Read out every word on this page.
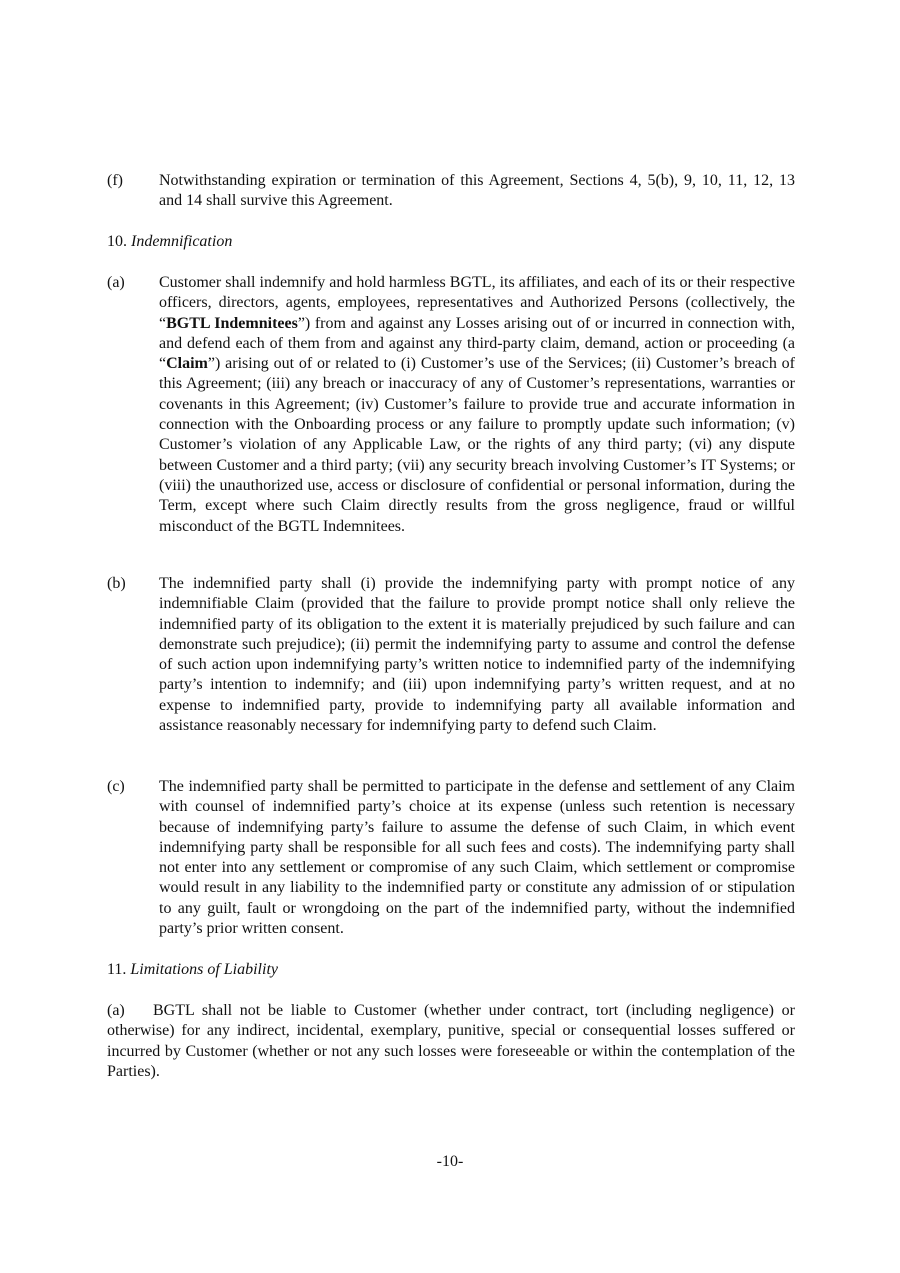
(f)	Notwithstanding expiration or termination of this Agreement, Sections 4, 5(b), 9, 10, 11, 12, 13 and 14 shall survive this Agreement.

10. Indemnification

(a)	Customer shall indemnify and hold harmless BGTL, its affiliates, and each of its or their respective officers, directors, agents, employees, representatives and Authorized Persons (collectively, the “BGTL Indemnitees”) from and against any Losses arising out of or incurred in connection with, and defend each of them from and against any third-party claim, demand, action or proceeding (a “Claim”) arising out of or related to (i) Customer’s use of the Services; (ii) Customer’s breach of this Agreement; (iii) any breach or inaccuracy of any of Customer’s representations, warranties or covenants in this Agreement; (iv) Customer’s failure to provide true and accurate information in connection with the Onboarding process or any failure to promptly update such information; (v) Customer’s violation of any Applicable Law, or the rights of any third party; (vi) any dispute between Customer and a third party; (vii) any security breach involving Customer’s IT Systems; or (viii) the unauthorized use, access or disclosure of confidential or personal information, during the Term, except where such Claim directly results from the gross negligence, fraud or willful misconduct of the BGTL Indemnitees.

(b)	The indemnified party shall (i) provide the indemnifying party with prompt notice of any indemnifiable Claim (provided that the failure to provide prompt notice shall only relieve the indemnified party of its obligation to the extent it is materially prejudiced by such failure and can demonstrate such prejudice); (ii) permit the indemnifying party to assume and control the defense of such action upon indemnifying party’s written notice to indemnified party of the indemnifying party’s intention to indemnify; and (iii) upon indemnifying party’s written request, and at no expense to indemnified party, provide to indemnifying party all available information and assistance reasonably necessary for indemnifying party to defend such Claim.

(c)	The indemnified party shall be permitted to participate in the defense and settlement of any Claim with counsel of indemnified party’s choice at its expense (unless such retention is necessary because of indemnifying party’s failure to assume the defense of such Claim, in which event indemnifying party shall be responsible for all such fees and costs). The indemnifying party shall not enter into any settlement or compromise of any such Claim, which settlement or compromise would result in any liability to the indemnified party or constitute any admission of or stipulation to any guilt, fault or wrongdoing on the part of the indemnified party, without the indemnified party’s prior written consent.

11. Limitations of Liability

(a) BGTL shall not be liable to Customer (whether under contract, tort (including negligence) or otherwise) for any indirect, incidental, exemplary, punitive, special or consequential losses suffered or incurred by Customer (whether or not any such losses were foreseeable or within the contemplation of the Parties).

-10-
